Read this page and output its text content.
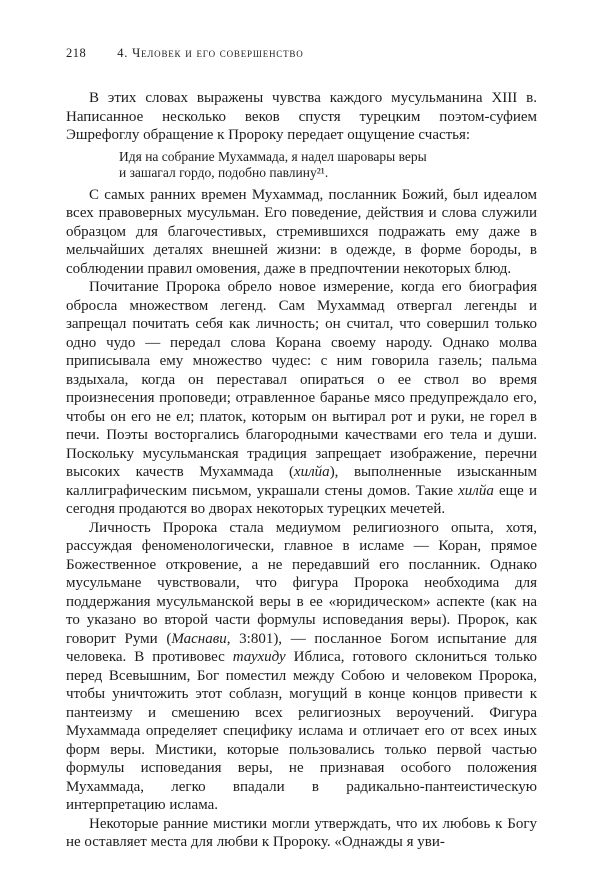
218 4. Человек и его совершенство

В этих словах выражены чувства каждого мусульманина XIII в. Написанное несколько веков спустя турецким поэтом-суфием Эшрефоглу обращение к Пророку передает ощущение счастья:

Идя на собрание Мухаммада, я надел шаровары веры
и зашагал гордо, подобно павлину²¹.

С самых ранних времен Мухаммад, посланник Божий, был идеалом всех правоверных мусульман. Его поведение, действия и слова служили образцом для благочестивых, стремившихся подражать ему даже в мельчайших деталях внешней жизни: в одежде, в форме бороды, в соблюдении правил омовения, даже в предпочтении некоторых блюд.

Почитание Пророка обрело новое измерение, когда его биография обросла множеством легенд. Сам Мухаммад отвергал легенды и запрещал почитать себя как личность; он считал, что совершил только одно чудо — передал слова Корана своему народу. Однако молва приписывала ему множество чудес: с ним говорила газель; пальма вздыхала, когда он переставал опираться о ее ствол во время произнесения проповеди; отравленное баранье мясо предупреждало его, чтобы он его не ел; платок, которым он вытирал рот и руки, не горел в печи. Поэты восторгались благородными качествами его тела и души. Поскольку мусульманская традиция запрещает изображение, перечни высоких качеств Мухаммада (хилйа), выполненные изысканным каллиграфическим письмом, украшали стены домов. Такие хилйа еще и сегодня продаются во дворах некоторых турецких мечетей.

Личность Пророка стала медиумом религиозного опыта, хотя, рассуждая феноменологически, главное в исламе — Коран, прямое Божественное откровение, а не передавший его посланник. Однако мусульмане чувствовали, что фигура Пророка необходима для поддержания мусульманской веры в ее «юридическом» аспекте (как на то указано во второй части формулы исповедания веры). Пророк, как говорит Руми (Маснави, 3:801), — посланное Богом испытание для человека. В противовес таухиду Иблиса, готового склониться только перед Всевышним, Бог поместил между Собою и человеком Пророка, чтобы уничтожить этот соблазн, могущий в конце концов привести к пантеизму и смешению всех религиозных вероучений. Фигура Мухаммада определяет специфику ислама и отличает его от всех иных форм веры. Мистики, которые пользовались только первой частью формулы исповедания веры, не признавая особого положения Мухаммада, легко впадали в радикально-пантеистическую интерпретацию ислама.

Некоторые ранние мистики могли утверждать, что их любовь к Богу не оставляет места для любви к Пророку. «Однажды я уви-
